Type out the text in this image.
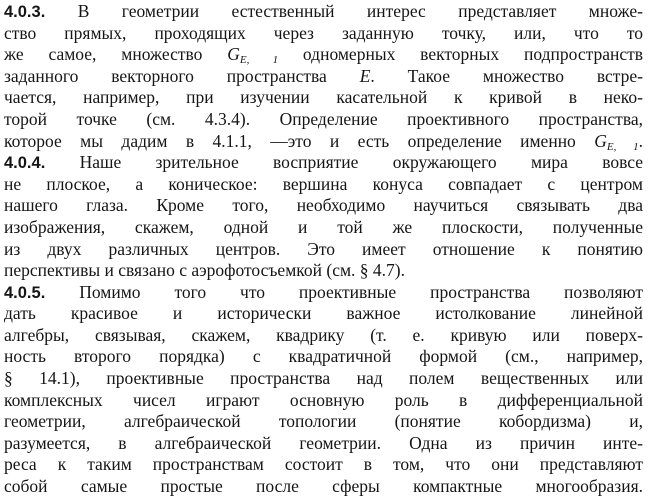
4.0.3. В геометрии естественный интерес представляет множе-
ство прямых, проходящих через заданную точку, или, что то
же самое, множество $G_{E, 1}$ одномерных векторных подпространств
заданного векторного пространства E. Такое множество встре-
чается, например, при изучении касательной к кривой в неко-
торой точке (см. 4.3.4). Определение проективного пространства,
которое мы дадим в 4.1.1, —это и есть определение именно $G_{E, 1}$.
4.0.4. Наше зрительное восприятие окружающего мира вовсе
не плоское, а коническое: вершина конуса совпадает с центром
нашего глаза. Кроме того, необходимо научиться связывать два
изображения, скажем, одной и той же плоскости, полученные
из двух различных центров. Это имеет отношение к понятию
перспективы и связано с аэрофотосъемкой (см. § 4.7).
4.0.5. Помимо того что проективные пространства позволяют
дать красивое и исторически важное истолкование линейной
алгебры, связывая, скажем, квадрику (т. е. кривую или поверх-
ность второго порядка) с квадратичной формой (см., например,
§ 14.1), проективные пространства над полем вещественных или
комплексных чисел играют основную роль в дифференциальной
геометрии, алгебраической топологии (понятие кобордизма) и,
разумеется, в алгебраической геометрии. Одна из причин инте-
реса к таким пространствам состоит в том, что они представляют
собой самые простые после сферы компактные многообразия.
